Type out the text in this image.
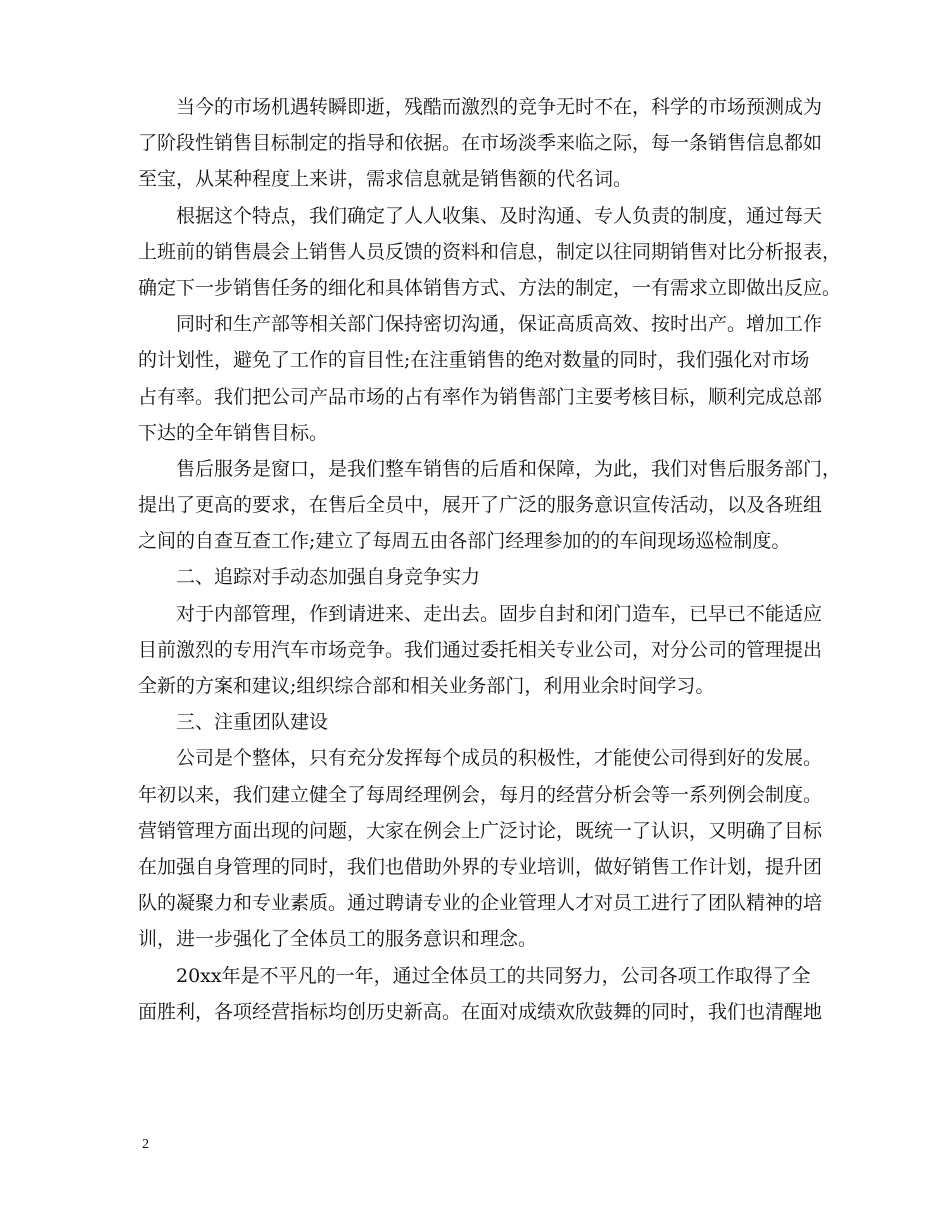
当今的市场机遇转瞬即逝，残酷而激烈的竞争无时不在，科学的市场预测成为
了阶段性销售目标制定的指导和依据。在市场淡季来临之际，每一条销售信息都如
至宝，从某种程度上来讲，需求信息就是销售额的代名词。
根据这个特点，我们确定了人人收集、及时沟通、专人负责的制度，通过每天
上班前的销售晨会上销售人员反馈的资料和信息，制定以往同期销售对比分析报表，
确定下一步销售任务的细化和具体销售方式、方法的制定，一有需求立即做出反应。
同时和生产部等相关部门保持密切沟通，保证高质高效、按时出产。增加工作
的计划性，避免了工作的盲目性;在注重销售的绝对数量的同时，我们强化对市场
占有率。我们把公司产品市场的占有率作为销售部门主要考核目标，顺利完成总部
下达的全年销售目标。
售后服务是窗口，是我们整车销售的后盾和保障，为此，我们对售后服务部门，
提出了更高的要求，在售后全员中，展开了广泛的服务意识宣传活动，以及各班组
之间的自查互查工作;建立了每周五由各部门经理参加的的车间现场巡检制度。
二、追踪对手动态加强自身竞争实力
对于内部管理，作到请进来、走出去。固步自封和闭门造车，已早已不能适应
目前激烈的专用汽车市场竞争。我们通过委托相关专业公司，对分公司的管理提出
全新的方案和建议;组织综合部和相关业务部门，利用业余时间学习。
三、注重团队建设
公司是个整体，只有充分发挥每个成员的积极性，才能使公司得到好的发展。
年初以来，我们建立健全了每周经理例会，每月的经营分析会等一系列例会制度。
营销管理方面出现的问题，大家在例会上广泛讨论，既统一了认识，又明确了目标
在加强自身管理的同时，我们也借助外界的专业培训，做好销售工作计划，提升团
队的凝聚力和专业素质。通过聘请专业的企业管理人才对员工进行了团队精神的培
训，进一步强化了全体员工的服务意识和理念。
20xx年是不平凡的一年，通过全体员工的共同努力，公司各项工作取得了全
面胜利，各项经营指标均创历史新高。在面对成绩欢欣鼓舞的同时，我们也清醒地
2
